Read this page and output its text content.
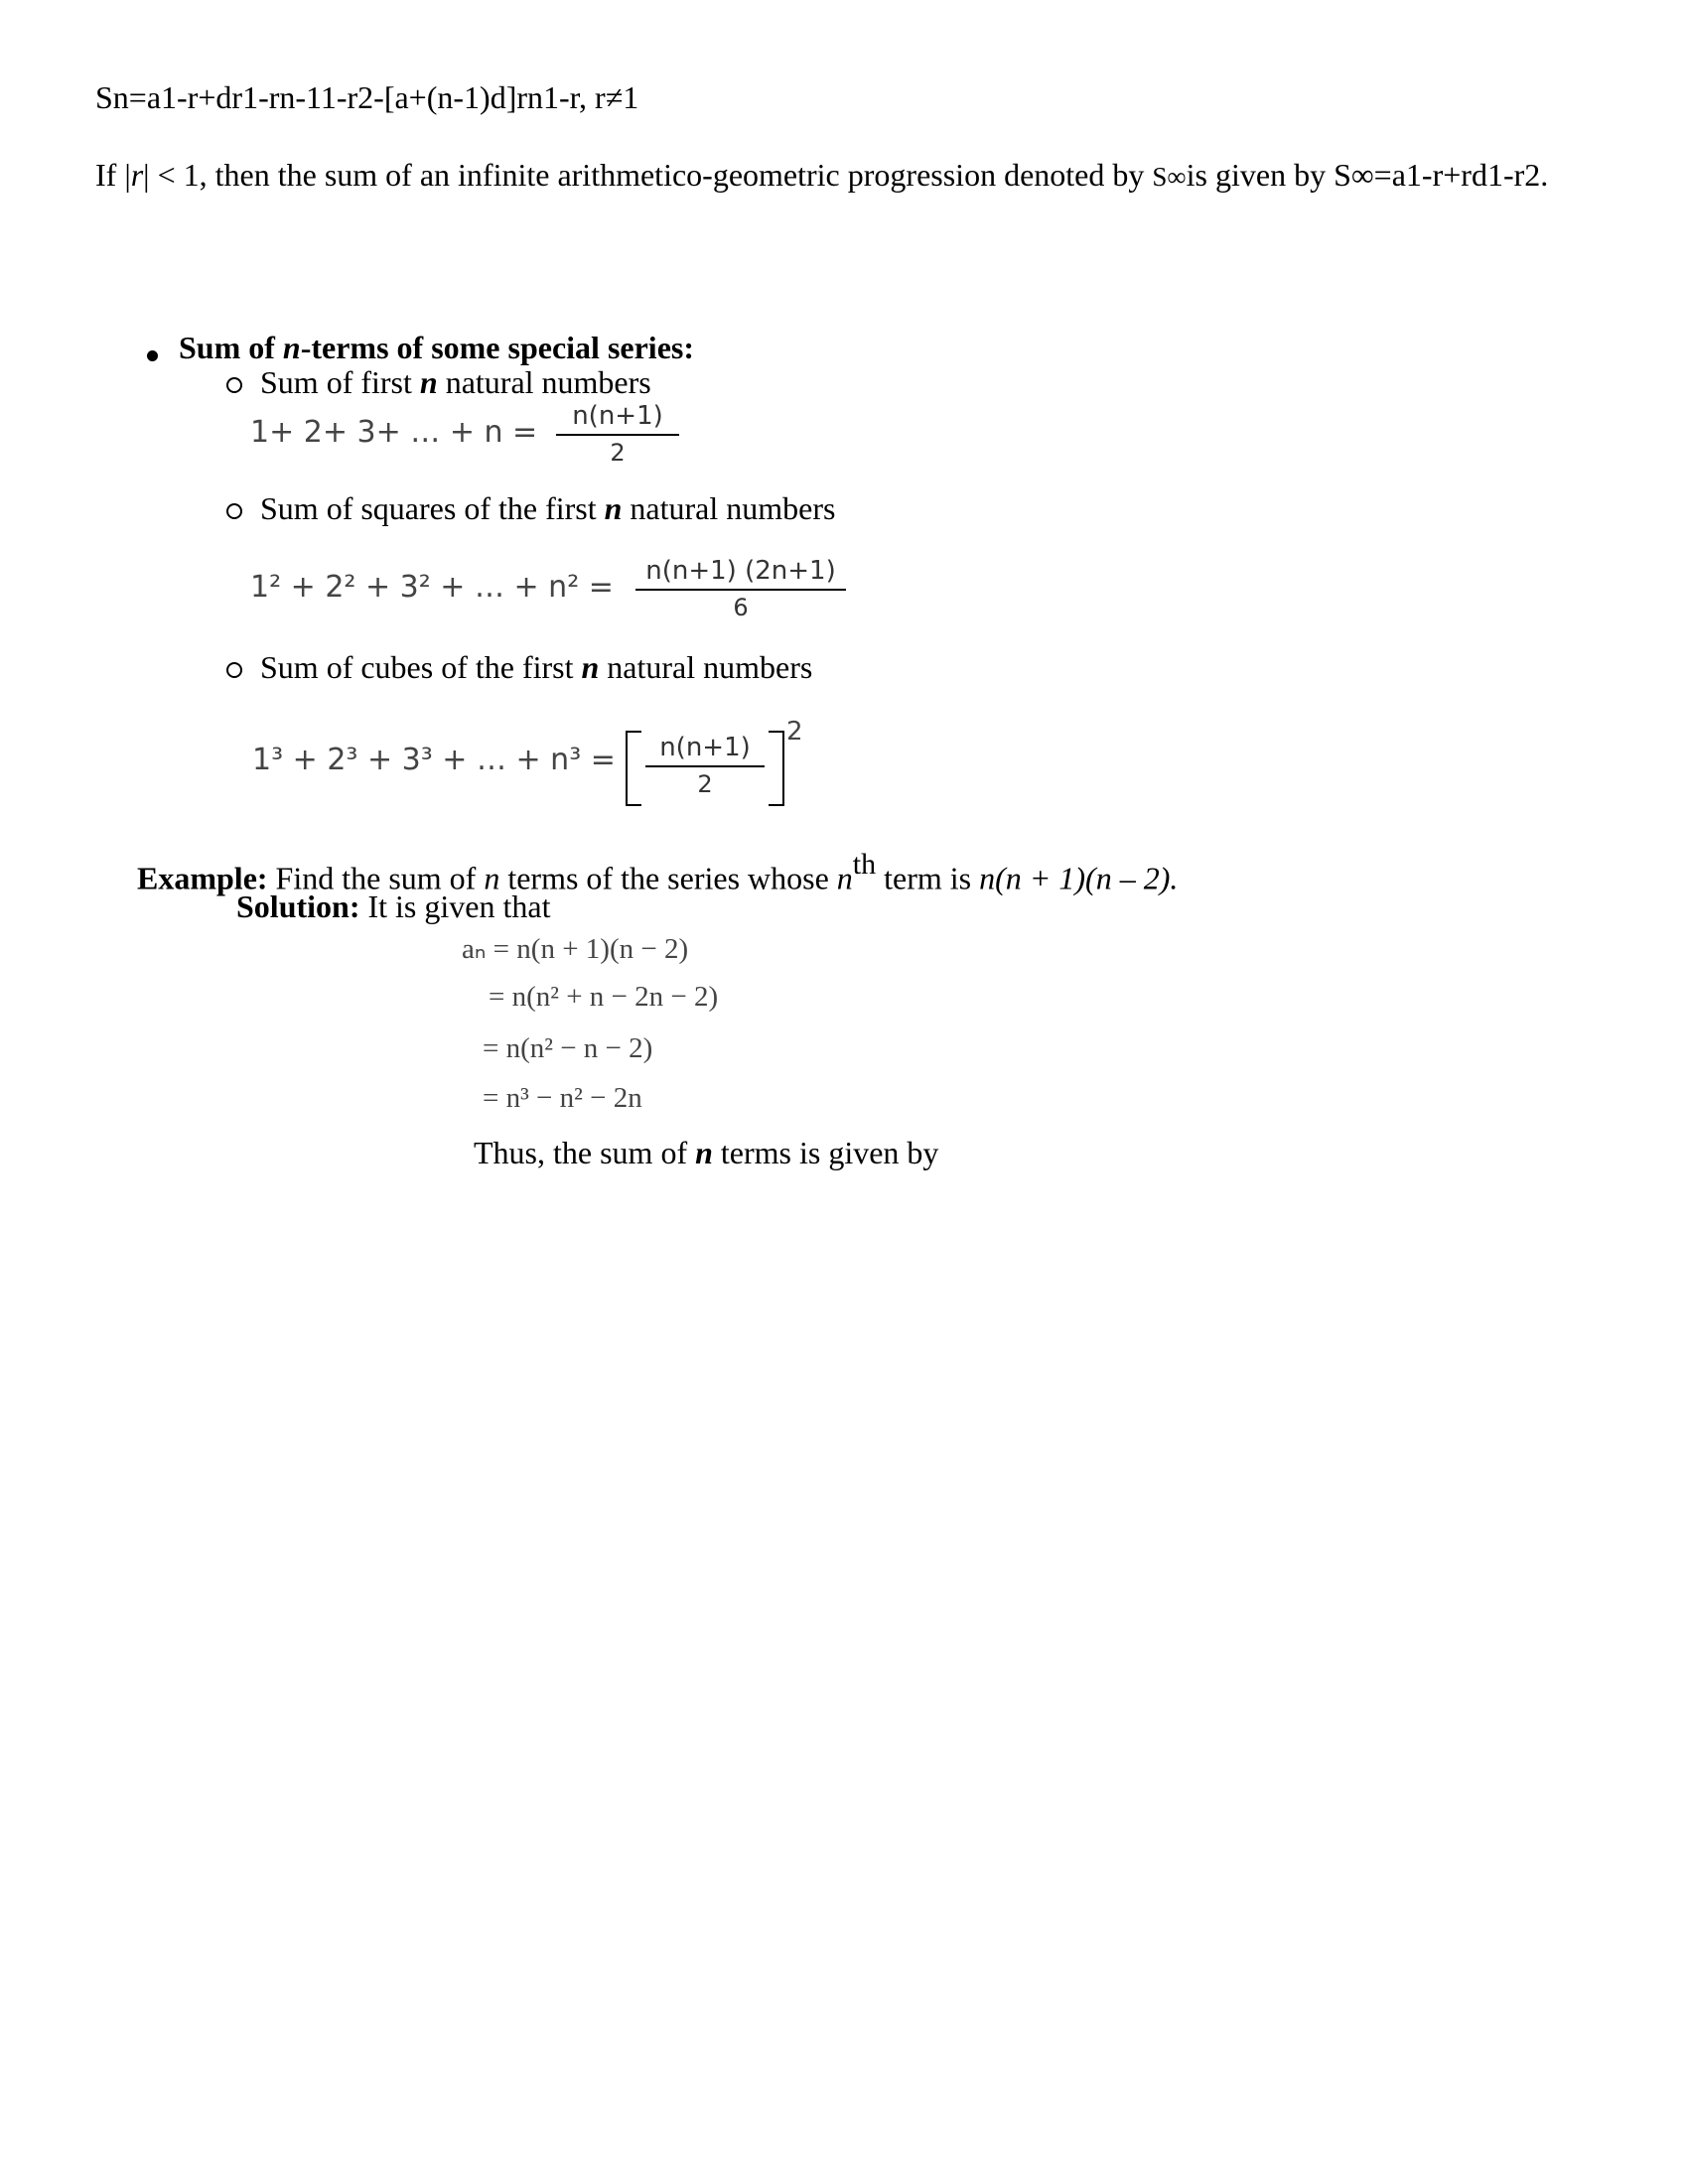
Sn=a1-r+dr1-rn-11-r2-[a+(n-1)d]rn1-r, r≠1
If |r| < 1, then the sum of an infinite arithmetico-geometric progression denoted by S∞is given by S∞=a1-r+rd1-r2.
Sum of n-terms of some special series:
Sum of first n natural numbers
1+ 2+ 3+ … + n =	n(n+1)
2
Sum of squares of the first n natural numbers
1² + 2² + 3² + … + n² =	n(n+1) (2n+1)
6
Sum of cubes of the first n natural numbers
1³ + 2³ + 3³ + … + n³ =	n(n+1)
2
2
Example: Find the sum of n terms of the series whose $n^{th}$ term is n(n + 1)(n – 2).
Solution: It is given that
aₙ = n(n + 1)(n − 2)
= n(n² + n − 2n − 2)
= n(n² − n − 2)
= n³ − n² − 2n
Thus, the sum of n terms is given by
